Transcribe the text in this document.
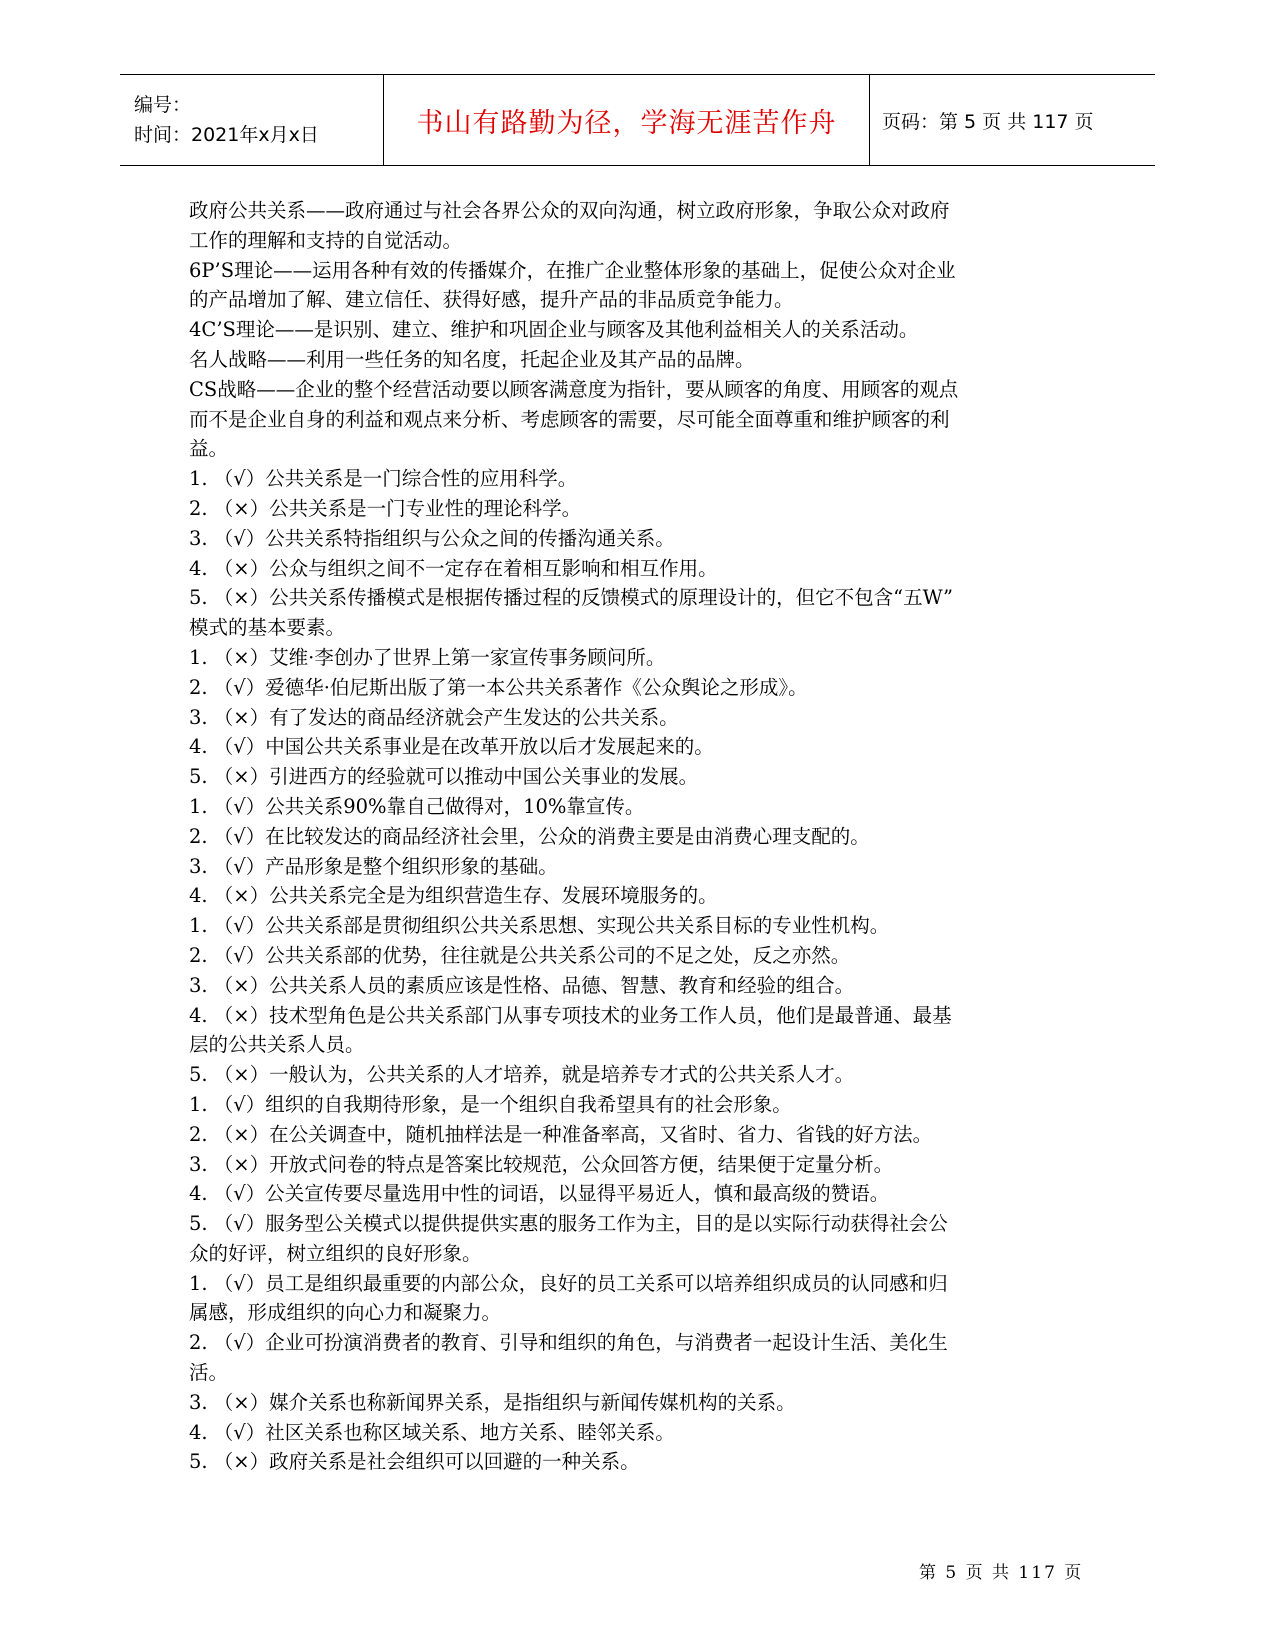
编号：
时间：2021年x月x日	书山有路勤为径，学海无涯苦作舟 页码：第 5 页 共 117 页

政府公共关系——政府通过与社会各界公众的双向沟通，树立政府形象，争取公众对政府

工作的理解和支持的自觉活动。

6P’S理论——运用各种有效的传播媒介，在推广企业整体形象的基础上，促使公众对企业

的产品增加了解、建立信任、获得好感，提升产品的非品质竞争能力。

4C’S理论——是识别、建立、维护和巩固企业与顾客及其他利益相关人的关系活动。

名人战略——利用一些任务的知名度，托起企业及其产品的品牌。

CS战略——企业的整个经营活动要以顾客满意度为指针，要从顾客的角度、用顾客的观点

而不是企业自身的利益和观点来分析、考虑顾客的需要，尽可能全面尊重和维护顾客的利

益。

1. （√）公共关系是一门综合性的应用科学。

2. （×）公共关系是一门专业性的理论科学。

3. （√）公共关系特指组织与公众之间的传播沟通关系。

4. （×）公众与组织之间不一定存在着相互影响和相互作用。

5. （×）公共关系传播模式是根据传播过程的反馈模式的原理设计的，但它不包含“五W”

模式的基本要素。

1. （×）艾维·李创办了世界上第一家宣传事务顾问所。

2. （√）爱德华·伯尼斯出版了第一本公共关系著作《公众舆论之形成》。

3. （×）有了发达的商品经济就会产生发达的公共关系。

4. （√）中国公共关系事业是在改革开放以后才发展起来的。

5. （×）引进西方的经验就可以推动中国公关事业的发展。

1. （√）公共关系90%靠自己做得对，10%靠宣传。

2. （√）在比较发达的商品经济社会里，公众的消费主要是由消费心理支配的。

3. （√）产品形象是整个组织形象的基础。

4. （×）公共关系完全是为组织营造生存、发展环境服务的。

1. （√）公共关系部是贯彻组织公共关系思想、实现公共关系目标的专业性机构。

2. （√）公共关系部的优势，往往就是公共关系公司的不足之处，反之亦然。

3. （×）公共关系人员的素质应该是性格、品德、智慧、教育和经验的组合。

4. （×）技术型角色是公共关系部门从事专项技术的业务工作人员，他们是最普通、最基

层的公共关系人员。

5. （×）一般认为，公共关系的人才培养，就是培养专才式的公共关系人才。

1. （√）组织的自我期待形象，是一个组织自我希望具有的社会形象。

2. （×）在公关调查中，随机抽样法是一种准备率高，又省时、省力、省钱的好方法。

3. （×）开放式问卷的特点是答案比较规范，公众回答方便，结果便于定量分析。

4. （√）公关宣传要尽量选用中性的词语，以显得平易近人，慎和最高级的赞语。

5. （√）服务型公关模式以提供提供实惠的服务工作为主，目的是以实际行动获得社会公

众的好评，树立组织的良好形象。

1. （√）员工是组织最重要的内部公众，良好的员工关系可以培养组织成员的认同感和归

属感，形成组织的向心力和凝聚力。

2. （√）企业可扮演消费者的教育、引导和组织的角色，与消费者一起设计生活、美化生

活。

3. （×）媒介关系也称新闻界关系，是指组织与新闻传媒机构的关系。

4. （√）社区关系也称区域关系、地方关系、睦邻关系。

5. （×）政府关系是社会组织可以回避的一种关系。

第 5 页 共 117 页
